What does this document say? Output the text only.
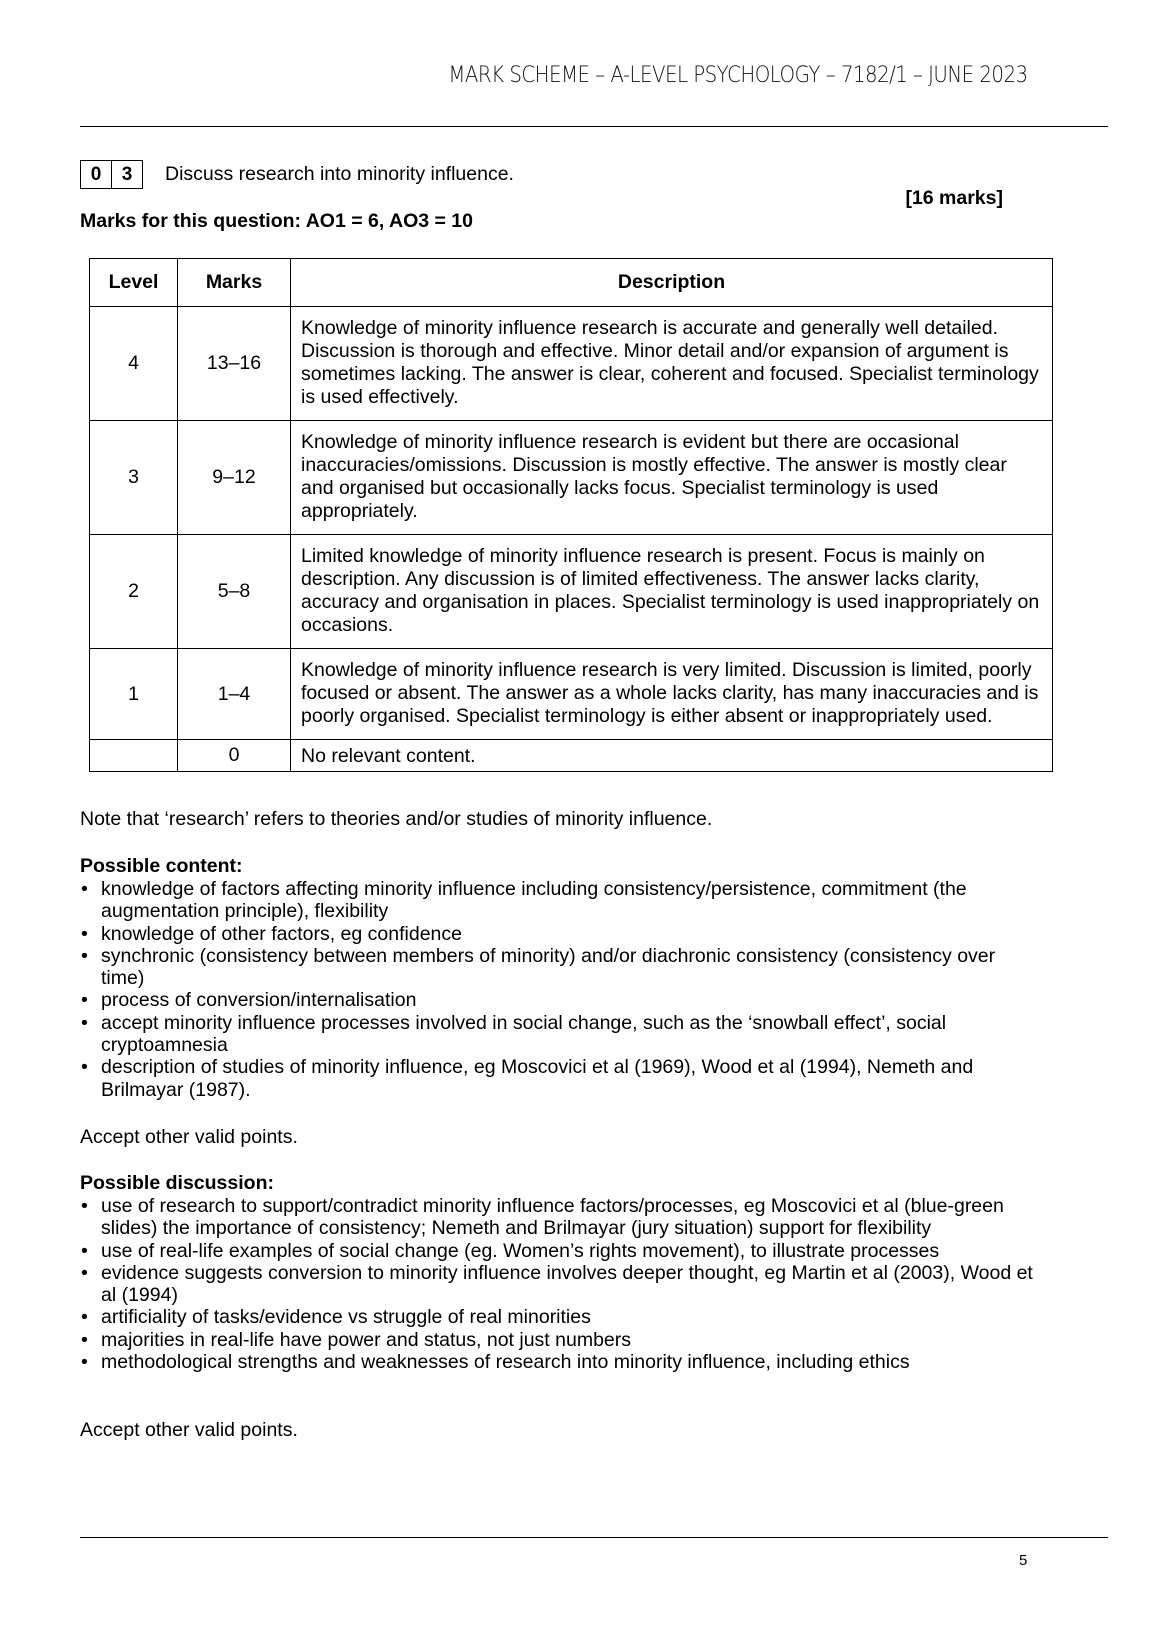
MARK SCHEME – A-LEVEL PSYCHOLOGY – 7182/1 – JUNE 2023
0	3	Discuss research into minority influence.
[16 marks]
Marks for this question: AO1 = 6, AO3 = 10
Level	Marks	Description
4	13–16	Knowledge of minority influence research is accurate and generally well detailed. Discussion is thorough and effective. Minor detail and/or expansion of argument is sometimes lacking. The answer is clear, coherent and focused. Specialist terminology is used effectively.
3	9–12	Knowledge of minority influence research is evident but there are occasional inaccuracies/omissions. Discussion is mostly effective. The answer is mostly clear and organised but occasionally lacks focus. Specialist terminology is used appropriately.
2	5–8	Limited knowledge of minority influence research is present. Focus is mainly on description. Any discussion is of limited effectiveness. The answer lacks clarity, accuracy and organisation in places. Specialist terminology is used inappropriately on occasions.
1	1–4	Knowledge of minority influence research is very limited. Discussion is limited, poorly focused or absent. The answer as a whole lacks clarity, has many inaccuracies and is poorly organised. Specialist terminology is either absent or inappropriately used.
	0	No relevant content.
Note that ‘research’ refers to theories and/or studies of minority influence.
Possible content:
• knowledge of factors affecting minority influence including consistency/persistence, commitment (the augmentation principle), flexibility
• knowledge of other factors, eg confidence
• synchronic (consistency between members of minority) and/or diachronic consistency (consistency over time)
• process of conversion/internalisation
• accept minority influence processes involved in social change, such as the ‘snowball effect’, social cryptoamnesia
• description of studies of minority influence, eg Moscovici et al (1969), Wood et al (1994), Nemeth and Brilmayar (1987).
Accept other valid points.
Possible discussion:
• use of research to support/contradict minority influence factors/processes, eg Moscovici et al (blue-green slides) the importance of consistency; Nemeth and Brilmayar (jury situation) support for flexibility
• use of real-life examples of social change (eg. Women’s rights movement), to illustrate processes
• evidence suggests conversion to minority influence involves deeper thought, eg Martin et al (2003), Wood et al (1994)
• artificiality of tasks/evidence vs struggle of real minorities
• majorities in real-life have power and status, not just numbers
• methodological strengths and weaknesses of research into minority influence, including ethics
Accept other valid points.
5
